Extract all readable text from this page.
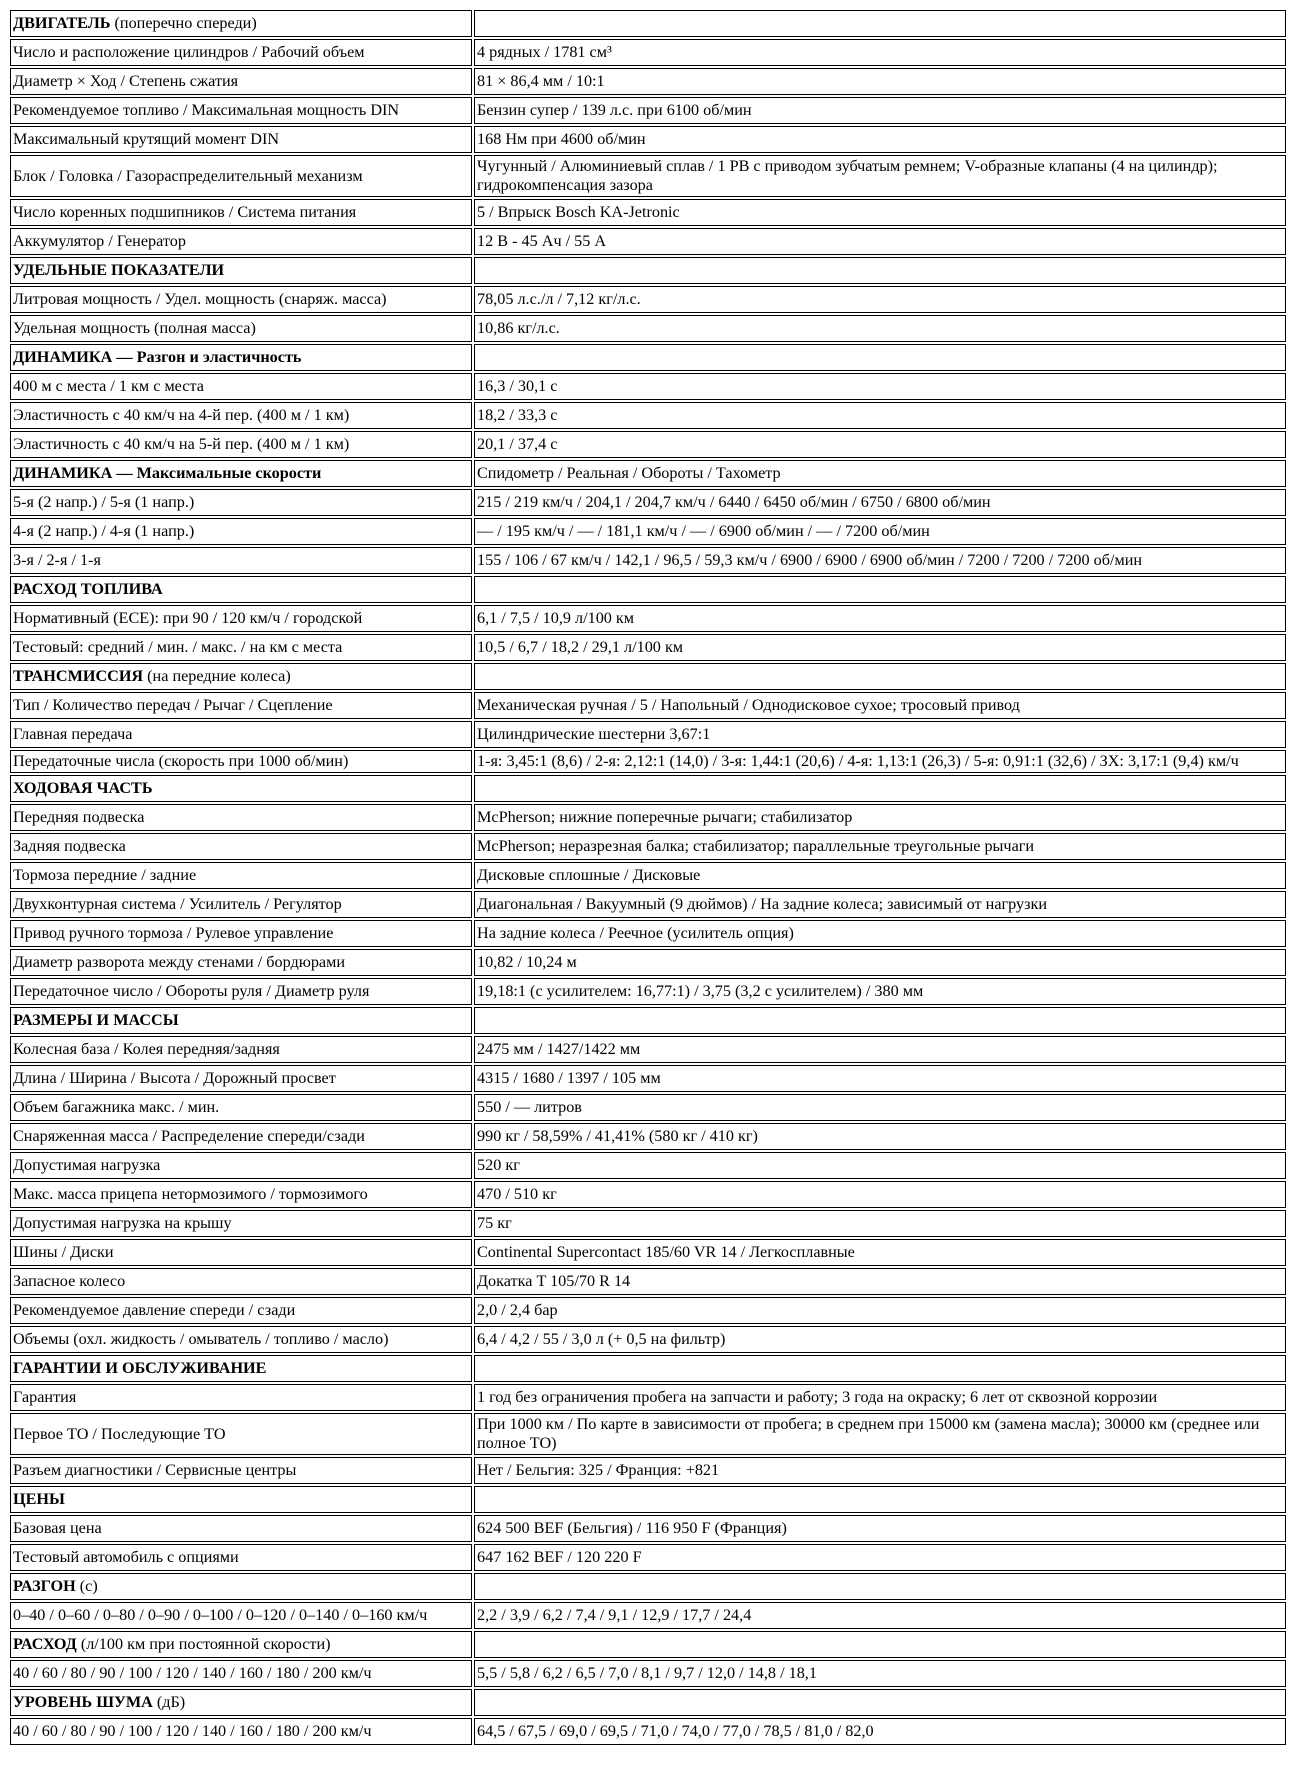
ДВИГАТЕЛЬ (поперечно спереди)	
Число и расположение цилиндров / Рабочий объем	4 рядных / 1781 см³
Диаметр × Ход / Степень сжатия	81 × 86,4 мм / 10:1
Рекомендуемое топливо / Максимальная мощность DIN	Бензин супер / 139 л.с. при 6100 об/мин
Максимальный крутящий момент DIN	168 Нм при 4600 об/мин
Блок / Головка / Газораспределительный механизм	Чугунный / Алюминиевый сплав / 1 РВ с приводом зубчатым ремнем; V-образные клапаны (4 на цилиндр); гидрокомпенсация зазора
Число коренных подшипников / Система питания	5 / Впрыск Bosch KA-Jetronic
Аккумулятор / Генератор	12 В - 45 Ач / 55 А
УДЕЛЬНЫЕ ПОКАЗАТЕЛИ	
Литровая мощность / Удел. мощность (снаряж. масса)	78,05 л.с./л / 7,12 кг/л.с.
Удельная мощность (полная масса)	10,86 кг/л.с.
ДИНАМИКА — Разгон и эластичность	
400 м с места / 1 км с места	16,3 / 30,1 с
Эластичность с 40 км/ч на 4-й пер. (400 м / 1 км)	18,2 / 33,3 с
Эластичность с 40 км/ч на 5-й пер. (400 м / 1 км)	20,1 / 37,4 с
ДИНАМИКА — Максимальные скорости	Спидометр / Реальная / Обороты / Тахометр
5-я (2 напр.) / 5-я (1 напр.)	215 / 219 км/ч / 204,1 / 204,7 км/ч / 6440 / 6450 об/мин / 6750 / 6800 об/мин
4-я (2 напр.) / 4-я (1 напр.)	— / 195 км/ч / — / 181,1 км/ч / — / 6900 об/мин / — / 7200 об/мин
3-я / 2-я / 1-я	155 / 106 / 67 км/ч / 142,1 / 96,5 / 59,3 км/ч / 6900 / 6900 / 6900 об/мин / 7200 / 7200 / 7200 об/мин
РАСХОД ТОПЛИВА	
Нормативный (ECE): при 90 / 120 км/ч / городской	6,1 / 7,5 / 10,9 л/100 км
Тестовый: средний / мин. / макс. / на км с места	10,5 / 6,7 / 18,2 / 29,1 л/100 км
ТРАНСМИССИЯ (на передние колеса)	
Тип / Количество передач / Рычаг / Сцепление	Механическая ручная / 5 / Напольный / Однодисковое сухое; тросовый привод
Главная передача	Цилиндрические шестерни 3,67:1
Передаточные числа (скорость при 1000 об/мин)	1-я: 3,45:1 (8,6) / 2-я: 2,12:1 (14,0) / 3-я: 1,44:1 (20,6) / 4-я: 1,13:1 (26,3) / 5-я: 0,91:1 (32,6) / ЗХ: 3,17:1 (9,4) км/ч
ХОДОВАЯ ЧАСТЬ	
Передняя подвеска	McPherson; нижние поперечные рычаги; стабилизатор
Задняя подвеска	McPherson; неразрезная балка; стабилизатор; параллельные треугольные рычаги
Тормоза передние / задние	Дисковые сплошные / Дисковые
Двухконтурная система / Усилитель / Регулятор	Диагональная / Вакуумный (9 дюймов) / На задние колеса; зависимый от нагрузки
Привод ручного тормоза / Рулевое управление	На задние колеса / Реечное (усилитель опция)
Диаметр разворота между стенами / бордюрами	10,82 / 10,24 м
Передаточное число / Обороты руля / Диаметр руля	19,18:1 (с усилителем: 16,77:1) / 3,75 (3,2 с усилителем) / 380 мм
РАЗМЕРЫ И МАССЫ	
Колесная база / Колея передняя/задняя	2475 мм / 1427/1422 мм
Длина / Ширина / Высота / Дорожный просвет	4315 / 1680 / 1397 / 105 мм
Объем багажника макс. / мин.	550 / — литров
Снаряженная масса / Распределение спереди/сзади	990 кг / 58,59% / 41,41% (580 кг / 410 кг)
Допустимая нагрузка	520 кг
Макс. масса прицепа нетормозимого / тормозимого	470 / 510 кг
Допустимая нагрузка на крышу	75 кг
Шины / Диски	Continental Supercontact 185/60 VR 14 / Легкосплавные
Запасное колесо	Докатка T 105/70 R 14
Рекомендуемое давление спереди / сзади	2,0 / 2,4 бар
Объемы (охл. жидкость / омыватель / топливо / масло)	6,4 / 4,2 / 55 / 3,0 л (+ 0,5 на фильтр)
ГАРАНТИИ И ОБСЛУЖИВАНИЕ	
Гарантия	1 год без ограничения пробега на запчасти и работу; 3 года на окраску; 6 лет от сквозной коррозии
Первое ТО / Последующие ТО	При 1000 км / По карте в зависимости от пробега; в среднем при 15000 км (замена масла); 30000 км (среднее или полное ТО)
Разъем диагностики / Сервисные центры	Нет / Бельгия: 325 / Франция: +821
ЦЕНЫ	
Базовая цена	624 500 BEF (Бельгия) / 116 950 F (Франция)
Тестовый автомобиль с опциями	647 162 BEF / 120 220 F
РАЗГОН (с)	
0–40 / 0–60 / 0–80 / 0–90 / 0–100 / 0–120 / 0–140 / 0–160 км/ч	2,2 / 3,9 / 6,2 / 7,4 / 9,1 / 12,9 / 17,7 / 24,4
РАСХОД (л/100 км при постоянной скорости)	
40 / 60 / 80 / 90 / 100 / 120 / 140 / 160 / 180 / 200 км/ч	5,5 / 5,8 / 6,2 / 6,5 / 7,0 / 8,1 / 9,7 / 12,0 / 14,8 / 18,1
УРОВЕНЬ ШУМА (дБ)	
40 / 60 / 80 / 90 / 100 / 120 / 140 / 160 / 180 / 200 км/ч	64,5 / 67,5 / 69,0 / 69,5 / 71,0 / 74,0 / 77,0 / 78,5 / 81,0 / 82,0
